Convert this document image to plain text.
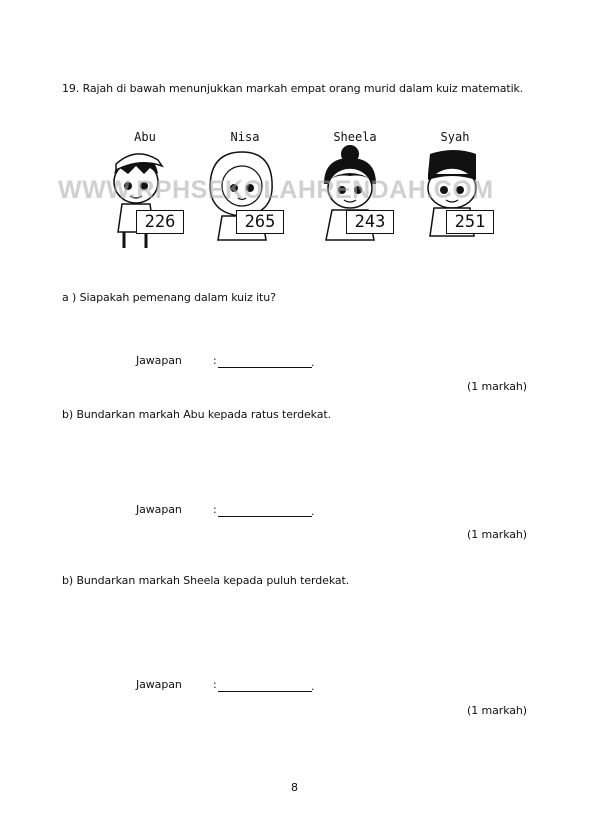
19. Rajah di bawah menunjukkan markah empat orang murid dalam kuiz matematik.
Abu
226
Nisa
265
Sheela
243
Syah
251
WWW.RPHSEKOLAHRENDAH.COM
a ) Siapakah pemenang dalam kuiz itu?
Jawapan	:	.
(1 markah)
b) Bundarkan markah Abu kepada ratus terdekat.
Jawapan	:	.
(1 markah)
b) Bundarkan markah Sheela kepada puluh terdekat.
Jawapan	:	.
(1 markah)
8
